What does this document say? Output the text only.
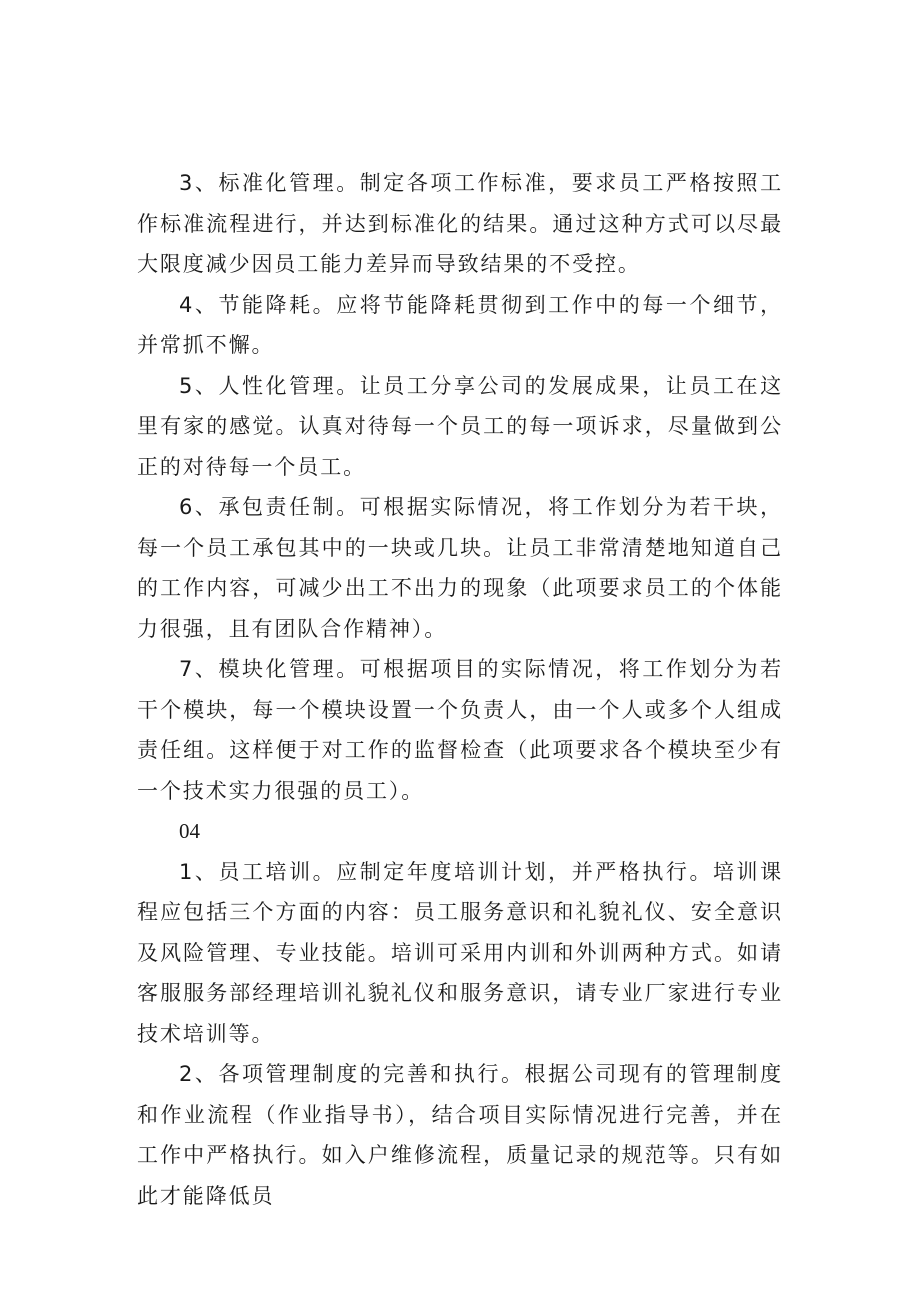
3、标准化管理。制定各项工作标准，要求员工严格按照工作标准流程进行，并达到标准化的结果。通过这种方式可以尽最大限度减少因员工能力差异而导致结果的不受控。

4、节能降耗。应将节能降耗贯彻到工作中的每一个细节，并常抓不懈。

5、人性化管理。让员工分享公司的发展成果，让员工在这里有家的感觉。认真对待每一个员工的每一项诉求，尽量做到公正的对待每一个员工。

6、承包责任制。可根据实际情况，将工作划分为若干块，每一个员工承包其中的一块或几块。让员工非常清楚地知道自己的工作内容，可减少出工不出力的现象（此项要求员工的个体能力很强，且有团队合作精神）。

7、模块化管理。可根据项目的实际情况，将工作划分为若干个模块，每一个模块设置一个负责人，由一个人或多个人组成责任组。这样便于对工作的监督检查（此项要求各个模块至少有一个技术实力很强的员工）。

04

1、员工培训。应制定年度培训计划，并严格执行。培训课程应包括三个方面的内容：员工服务意识和礼貌礼仪、安全意识及风险管理、专业技能。培训可采用内训和外训两种方式。如请客服服务部经理培训礼貌礼仪和服务意识，请专业厂家进行专业技术培训等。

2、各项管理制度的完善和执行。根据公司现有的管理制度和作业流程（作业指导书），结合项目实际情况进行完善，并在工作中严格执行。如入户维修流程，质量记录的规范等。只有如此才能降低员
